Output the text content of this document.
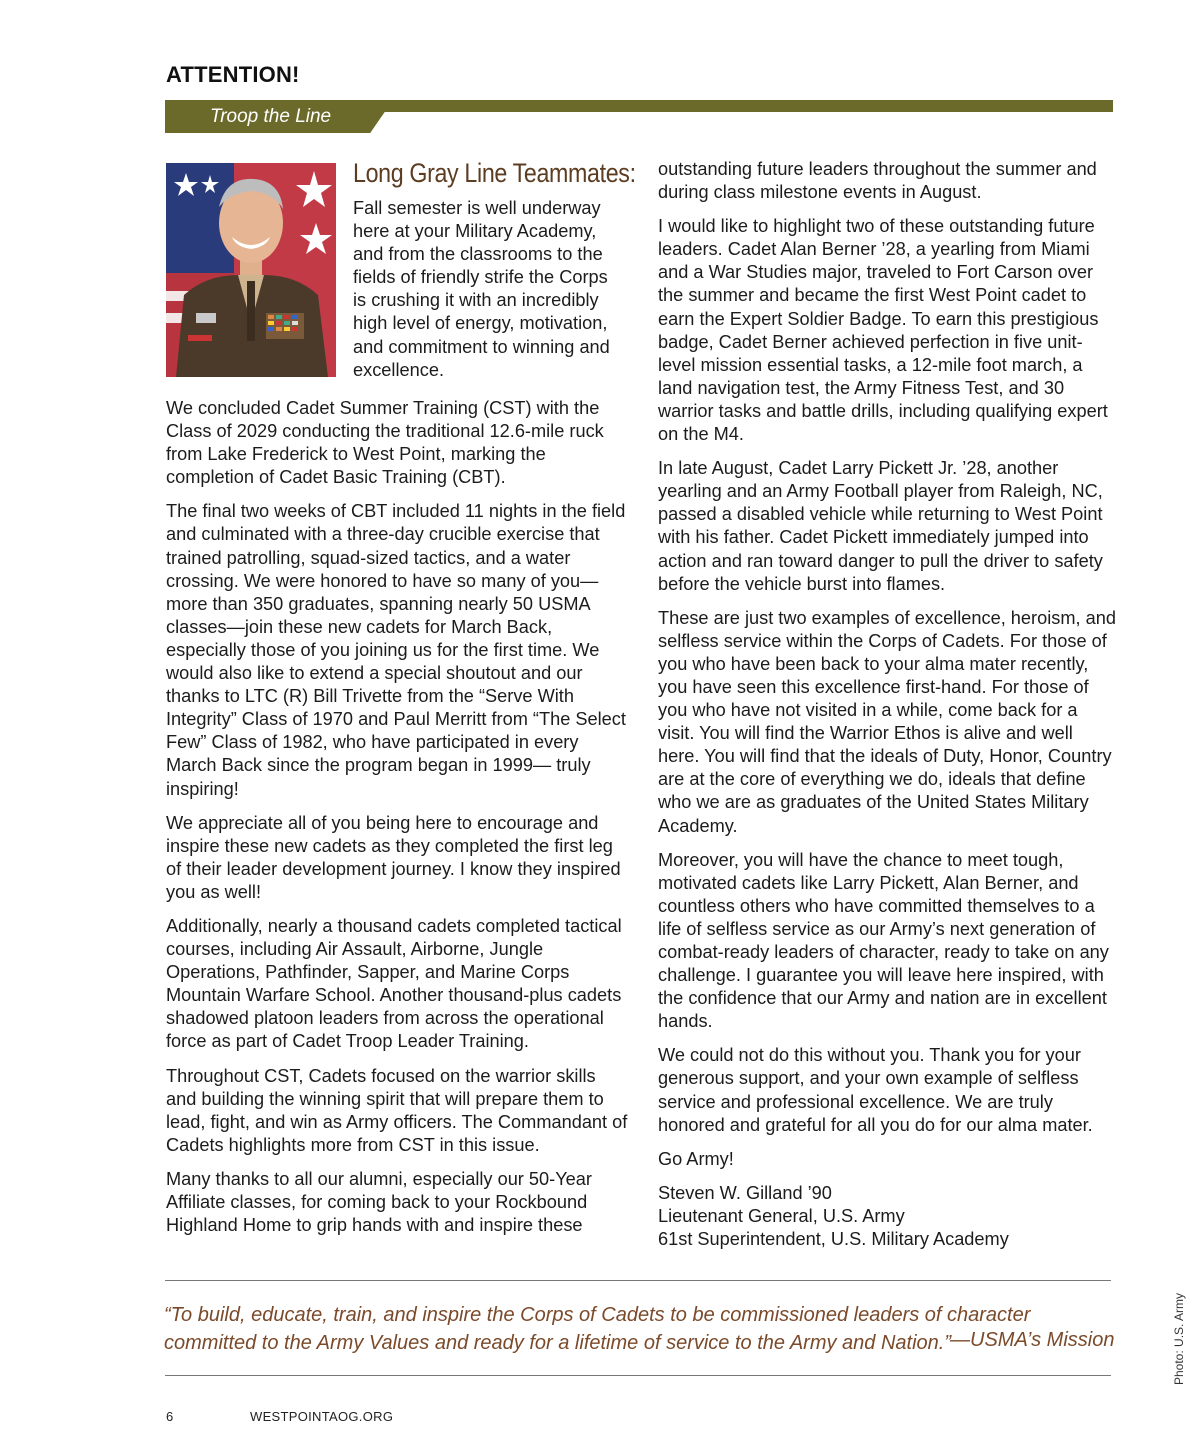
ATTENTION!
Troop the Line
Long Gray Line Teammates:

Fall semester is well underway here at your Military Academy, and from the classrooms to the fields of friendly strife the Corps is crushing it with an incredibly high level of energy, motivation, and commitment to winning and excellence.

We concluded Cadet Summer Training (CST) with the Class of 2029 conducting the traditional 12.6-mile ruck from Lake Frederick to West Point, marking the completion of Cadet Basic Training (CBT).

The final two weeks of CBT included 11 nights in the field and culminated with a three-day crucible exercise that trained patrolling, squad-sized tactics, and a water crossing. We were honored to have so many of you— more than 350 graduates, spanning nearly 50 USMA classes—join these new cadets for March Back, especially those of you joining us for the first time. We would also like to extend a special shoutout and our thanks to LTC (R) Bill Trivette from the “Serve With Integrity” Class of 1970 and Paul Merritt from “The Select Few” Class of 1982, who have participated in every March Back since the program began in 1999— truly inspiring!

We appreciate all of you being here to encourage and inspire these new cadets as they completed the first leg of their leader development journey. I know they inspired you as well!

Additionally, nearly a thousand cadets completed tactical courses, including Air Assault, Airborne, Jungle Operations, Pathfinder, Sapper, and Marine Corps Mountain Warfare School. Another thousand-plus cadets shadowed platoon leaders from across the operational force as part of Cadet Troop Leader Training.

Throughout CST, Cadets focused on the warrior skills and building the winning spirit that will prepare them to lead, fight, and win as Army officers. The Commandant of Cadets highlights more from CST in this issue.

Many thanks to all our alumni, especially our 50-Year Affiliate classes, for coming back to your Rockbound Highland Home to grip hands with and inspire these

outstanding future leaders throughout the summer and during class milestone events in August.

I would like to highlight two of these outstanding future leaders. Cadet Alan Berner ’28, a yearling from Miami and a War Studies major, traveled to Fort Carson over the summer and became the first West Point cadet to earn the Expert Soldier Badge. To earn this prestigious badge, Cadet Berner achieved perfection in five unit-level mission essential tasks, a 12-mile foot march, a land navigation test, the Army Fitness Test, and 30 warrior tasks and battle drills, including qualifying expert on the M4.

In late August, Cadet Larry Pickett Jr. ’28, another yearling and an Army Football player from Raleigh, NC, passed a disabled vehicle while returning to West Point with his father. Cadet Pickett immediately jumped into action and ran toward danger to pull the driver to safety before the vehicle burst into flames.

These are just two examples of excellence, heroism, and selfless service within the Corps of Cadets. For those of you who have been back to your alma mater recently, you have seen this excellence first-hand. For those of you who have not visited in a while, come back for a visit. You will find the Warrior Ethos is alive and well here. You will find that the ideals of Duty, Honor, Country are at the core of everything we do, ideals that define who we are as graduates of the United States Military Academy.

Moreover, you will have the chance to meet tough, motivated cadets like Larry Pickett, Alan Berner, and countless others who have committed themselves to a life of selfless service as our Army’s next generation of combat-ready leaders of character, ready to take on any challenge. I guarantee you will leave here inspired, with the confidence that our Army and nation are in excellent hands.

We could not do this without you. Thank you for your generous support, and your own example of selfless service and professional excellence. We are truly honored and grateful for all you do for our alma mater.

Go Army!

Steven W. Gilland ’90

Lieutenant General, U.S. Army

61st Superintendent, U.S. Military Academy

“To build, educate, train, and inspire the Corps of Cadets to be commissioned leaders of character committed to the Army Values and ready for a lifetime of service to the Army and Nation.”
—USMA’s Mission	Photo: U.S. Army
6	WESTPOINTAOG.ORG
